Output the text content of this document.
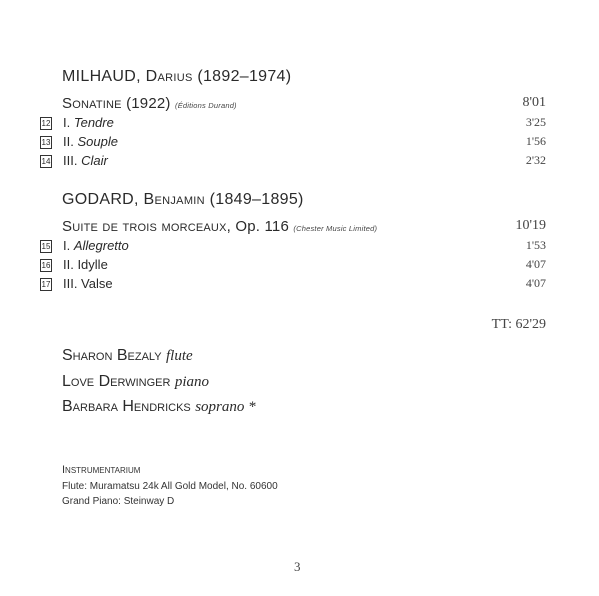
MILHAUD, Darius (1892–1974)
Sonatine (1922) (Éditions Durand)	8'01
12 I. Tendre	3'25
13 II. Souple	1'56
14 III. Clair	2'32
GODARD, Benjamin (1849–1895)
Suite de trois morceaux, Op. 116 (Chester Music Limited)	10'19
15 I. Allegretto	1'53
16 II. Idylle	4'07
17 III. Valse	4'07
TT: 62'29
Sharon Bezaly flute
Love Derwinger piano
Barbara Hendricks soprano *
Instrumentarium
Flute: Muramatsu 24k All Gold Model, No. 60600
Grand Piano: Steinway D
3
